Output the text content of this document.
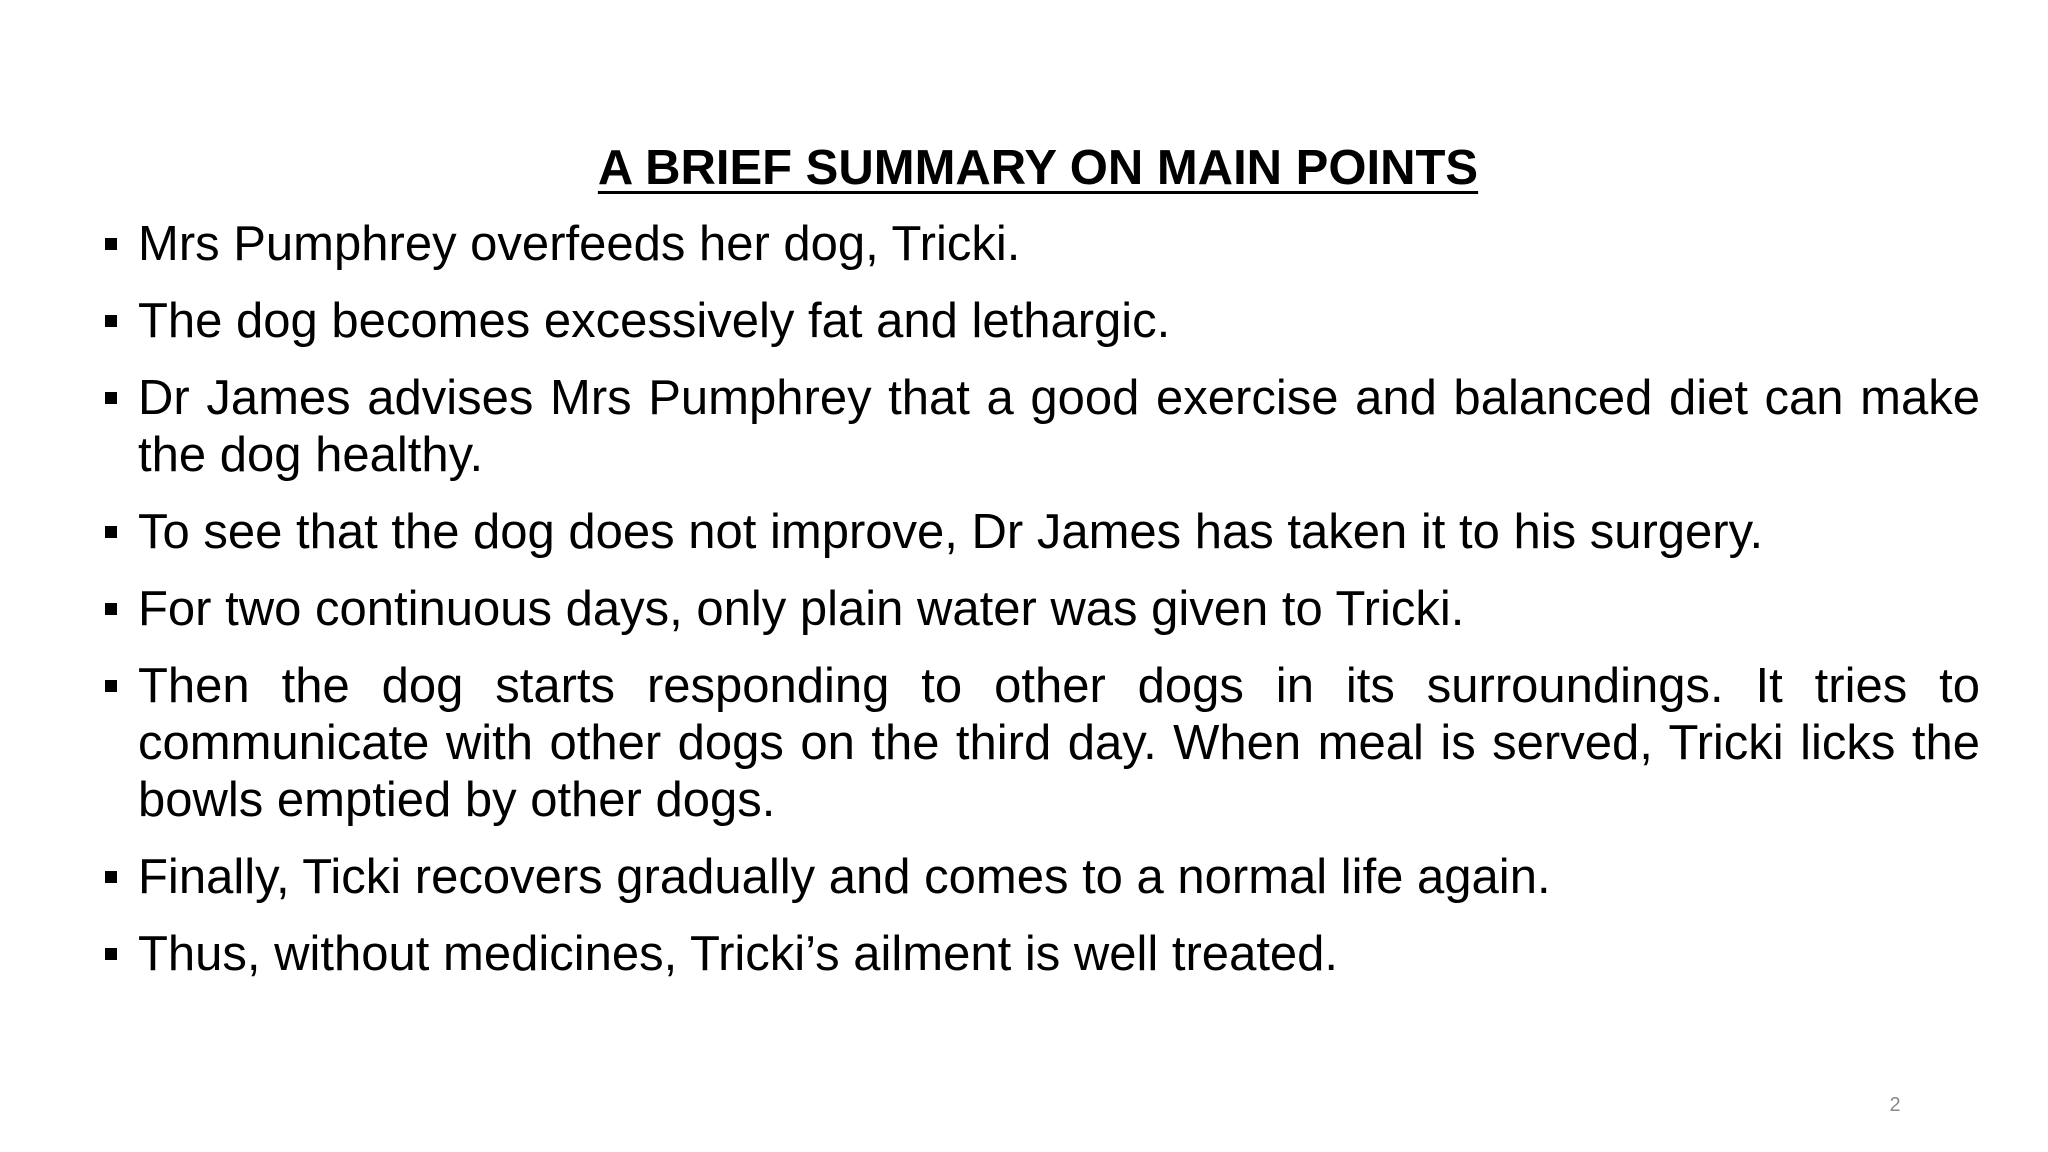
A BRIEF SUMMARY ON MAIN POINTS
Mrs Pumphrey overfeeds her dog, Tricki.
The dog becomes excessively fat and lethargic.
Dr James advises Mrs Pumphrey that a good exercise and balanced diet can make the dog healthy.
To see that the dog does not improve, Dr James has taken it to his surgery.
For two continuous days, only plain water was given to Tricki.
Then the dog starts responding to other dogs in its surroundings. It tries to communicate with other dogs on the third day. When meal is served, Tricki licks the bowls emptied by other dogs.
Finally, Ticki recovers gradually and comes to a normal life again.
Thus, without medicines, Tricki’s ailment is well treated.
2
